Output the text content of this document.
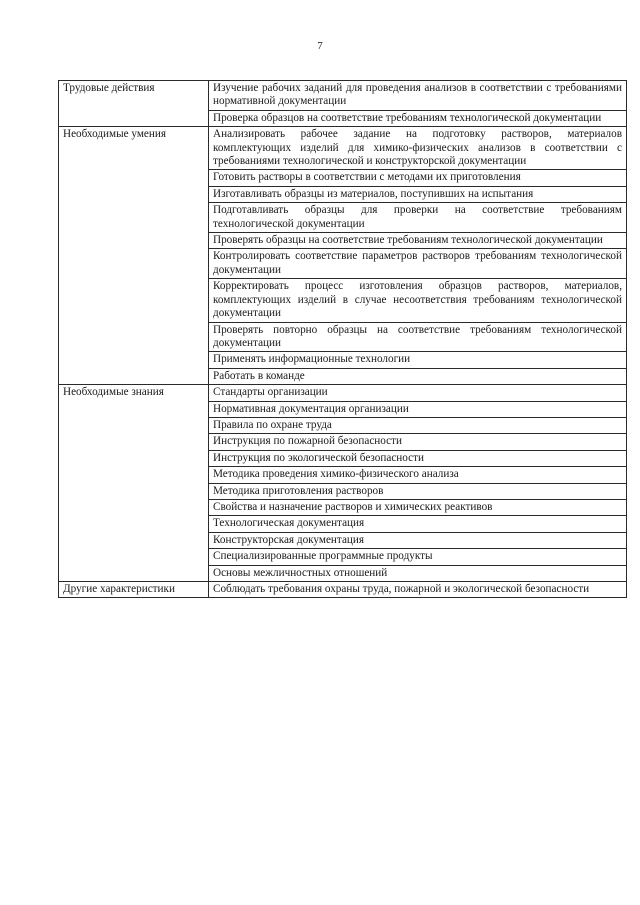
7
Трудовые действия	Изучение рабочих заданий для проведения анализов в соответствии с требованиями нормативной документации
	Проверка образцов на соответствие требованиям технологической документации
Необходимые умения	Анализировать рабочее задание на подготовку растворов, материалов комплектующих изделий для химико-физических анализов в соответствии с требованиями технологической и конструкторской документации
	Готовить растворы в соответствии с методами их приготовления
	Изготавливать образцы из материалов, поступивших на испытания
	Подготавливать образцы для проверки на соответствие требованиям технологической документации
	Проверять образцы на соответствие требованиям технологической документации
	Контролировать соответствие параметров растворов требованиям технологической документации
	Корректировать процесс изготовления образцов растворов, материалов, комплектующих изделий в случае несоответствия требованиям технологической документации
	Проверять повторно образцы на соответствие требованиям технологической документации
	Применять информационные технологии
	Работать в команде
Необходимые знания	Стандарты организации
	Нормативная документация организации
	Правила по охране труда
	Инструкция по пожарной безопасности
	Инструкция по экологической безопасности
	Методика проведения химико-физического анализа
	Методика приготовления растворов
	Свойства и назначение растворов и химических реактивов
	Технологическая документация
	Конструкторская документация
	Специализированные программные продукты
	Основы межличностных отношений
Другие характеристики	Соблюдать требования охраны труда, пожарной и экологической безопасности
